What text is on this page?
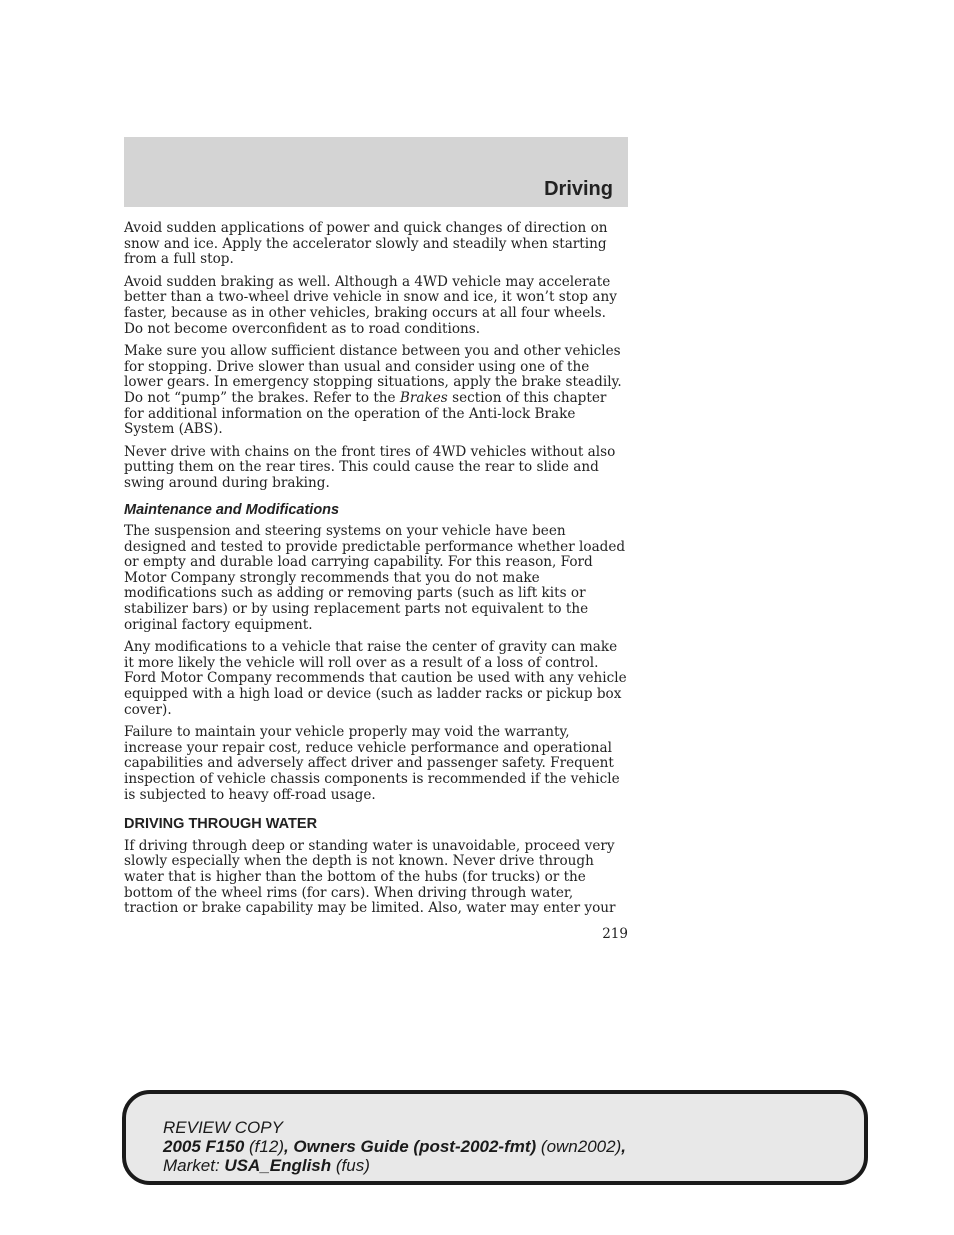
Driving

Avoid sudden applications of power and quick changes of direction on snow and ice. Apply the accelerator slowly and steadily when starting from a full stop.

Avoid sudden braking as well. Although a 4WD vehicle may accelerate better than a two-wheel drive vehicle in snow and ice, it won’t stop any faster, because as in other vehicles, braking occurs at all four wheels. Do not become overconfident as to road conditions.

Make sure you allow sufficient distance between you and other vehicles for stopping. Drive slower than usual and consider using one of the lower gears. In emergency stopping situations, apply the brake steadily. Do not “pump” the brakes. Refer to the Brakes section of this chapter for additional information on the operation of the Anti-lock Brake System (ABS).

Never drive with chains on the front tires of 4WD vehicles without also putting them on the rear tires. This could cause the rear to slide and swing around during braking.

Maintenance and Modifications

The suspension and steering systems on your vehicle have been designed and tested to provide predictable performance whether loaded or empty and durable load carrying capability. For this reason, Ford Motor Company strongly recommends that you do not make modifications such as adding or removing parts (such as lift kits or stabilizer bars) or by using replacement parts not equivalent to the original factory equipment.

Any modifications to a vehicle that raise the center of gravity can make it more likely the vehicle will roll over as a result of a loss of control. Ford Motor Company recommends that caution be used with any vehicle equipped with a high load or device (such as ladder racks or pickup box cover).

Failure to maintain your vehicle properly may void the warranty, increase your repair cost, reduce vehicle performance and operational capabilities and adversely affect driver and passenger safety. Frequent inspection of vehicle chassis components is recommended if the vehicle is subjected to heavy off-road usage.

DRIVING THROUGH WATER

If driving through deep or standing water is unavoidable, proceed very slowly especially when the depth is not known. Never drive through water that is higher than the bottom of the hubs (for trucks) or the bottom of the wheel rims (for cars). When driving through water, traction or brake capability may be limited. Also, water may enter your

219
REVIEW COPY
2005 F150 (f12), Owners Guide (post-2002-fmt) (own2002),
Market: USA_English (fus)
